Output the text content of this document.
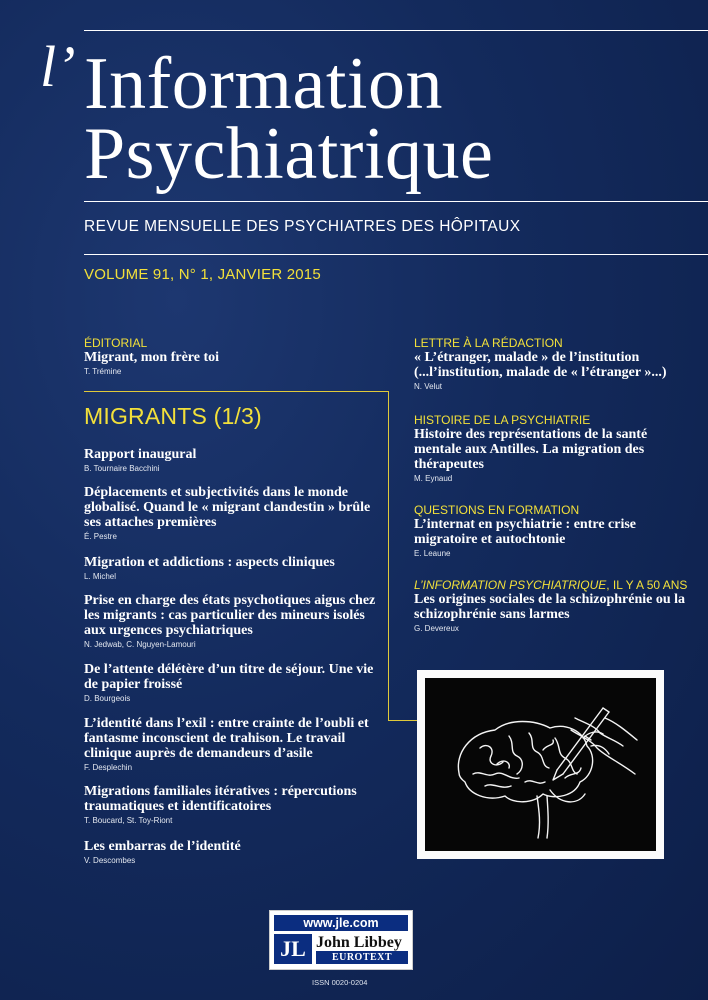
l’ Information
Psychiatrique
REVUE MENSUELLE DES PSYCHIATRES DES HÔPITAUX
VOLUME 91, N° 1, JANVIER 2015
ÉDITORIAL
Migrant, mon frère toi
T. Trémine
MIGRANTS (1/3)
Rapport inaugural
B. Tournaire Bacchini
Déplacements et subjectivités dans le monde globalisé. Quand le « migrant clandestin » brûle ses attaches premières
É. Pestre
Migration et addictions : aspects cliniques
L. Michel
Prise en charge des états psychotiques aigus chez les migrants : cas particulier des mineurs isolés aux urgences psychiatriques
N. Jedwab, C. Nguyen-Lamouri
De l’attente délétère d’un titre de séjour. Une vie de papier froissé
D. Bourgeois
L’identité dans l’exil : entre crainte de l’oubli et fantasme inconscient de trahison. Le travail clinique auprès de demandeurs d’asile
F. Desplechin
Migrations familiales itératives : répercutions traumatiques et identificatoires
T. Boucard, St. Toy-Riont
Les embarras de l’identité
V. Descombes
LETTRE À LA RÉDACTION
« L’étranger, malade » de l’institution (...l’institution, malade de « l’étranger »...)
N. Velut
HISTOIRE DE LA PSYCHIATRIE
Histoire des représentations de la santé mentale aux Antilles. La migration des thérapeutes
M. Eynaud
QUESTIONS EN FORMATION
L’internat en psychiatrie : entre crise migratoire et autochtonie
E. Leaune
L’INFORMATION PSYCHIATRIQUE, IL Y A 50 ANS
Les origines sociales de la schizophrénie ou la schizophrénie sans larmes
G. Devereux
www.jle.com
JL John Libbey
EUROTEXT
ISSN 0020-0204
